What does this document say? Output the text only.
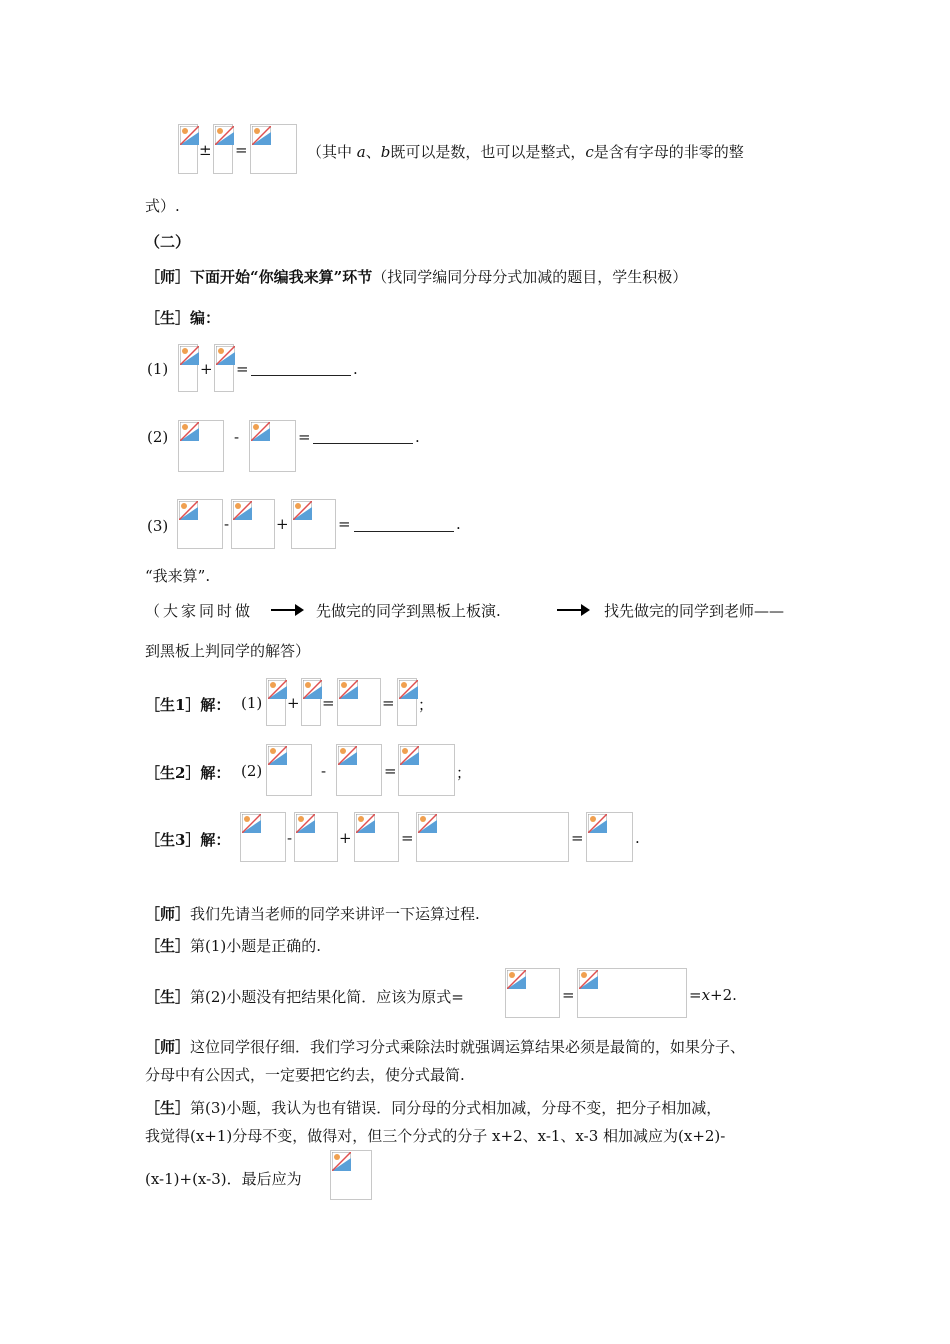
± =	（其中 a、b既可以是数，也可以是整式，c是含有字母的非零的整
式）.
（二）
［师］下面开始“你编我来算”环节（找同学编同分母分式加减的题目，学生积极）
［生］编：
(1) + =	.
(2)	-	=	.
(3)	-	+	=	.
“我来算”.
（大家同时做	先做完的同学到黑板上板演.	找先做完的同学到老师——
到黑板上判同学的解答）
［生1］解： (1) + =	= ；
［生2］解： (2)	-	=	；
［生3］解：	-	+	=	=	.
［师］我们先请当老师的同学来讲评一下运算过程.
［生］第(1)小题是正确的.
［生］第(2)小题没有把结果化简．应该为原式=	=	=x+2.
［师］这位同学很仔细．我们学习分式乘除法时就强调运算结果必须是最简的，如果分子、
分母中有公因式，一定要把它约去，使分式最简.
［生］第(3)小题，我认为也有错误．同分母的分式相加减，分母不变，把分子相加减，
我觉得(x+1)分母不变，做得对，但三个分式的分子 x+2、x-1、x-3 相加减应为(x+2)-
(x-1)+(x-3)．最后应为
